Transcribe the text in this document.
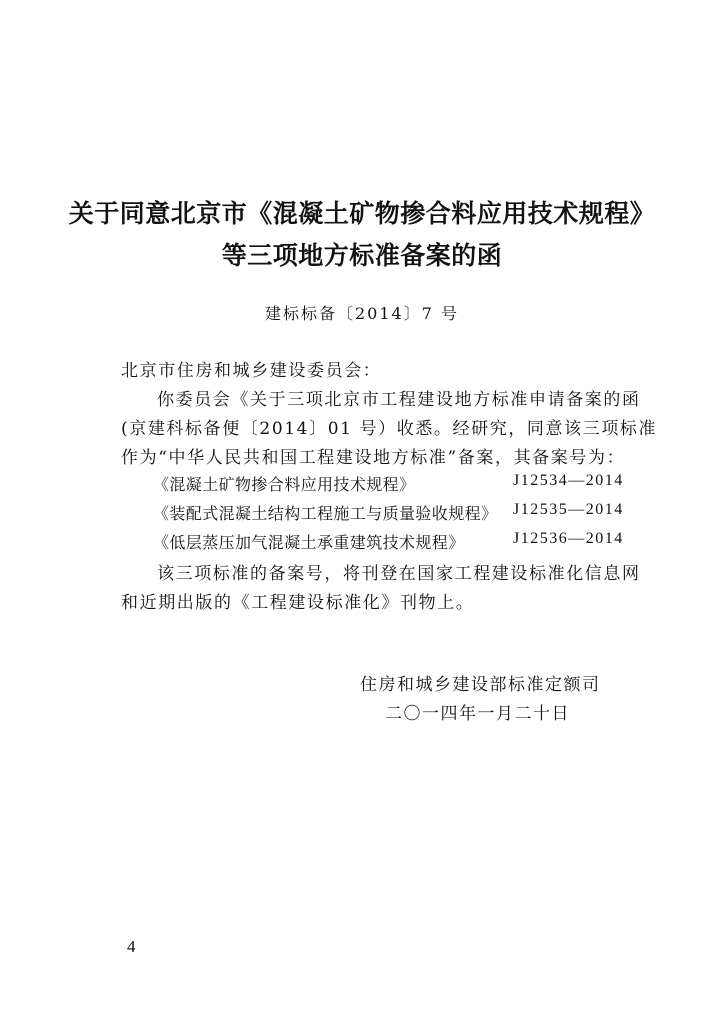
关于同意北京市《混凝土矿物掺合料应用技术规程》
等三项地方标准备案的函
建标标备〔2014〕7 号
北京市住房和城乡建设委员会：
你委员会《关于三项北京市工程建设地方标准申请备案的函
(京建科标备便〔2014〕01 号）收悉。经研究，同意该三项标准
作为“中华人民共和国工程建设地方标准”备案，其备案号为：
《混凝土矿物掺合料应用技术规程》	J12534—2014
《装配式混凝土结构工程施工与质量验收规程》 J12535—2014
《低层蒸压加气混凝土承重建筑技术规程》	J12536—2014
该三项标准的备案号，将刊登在国家工程建设标准化信息网
和近期出版的《工程建设标准化》刊物上。
住房和城乡建设部标准定额司
二〇一四年一月二十日
4
